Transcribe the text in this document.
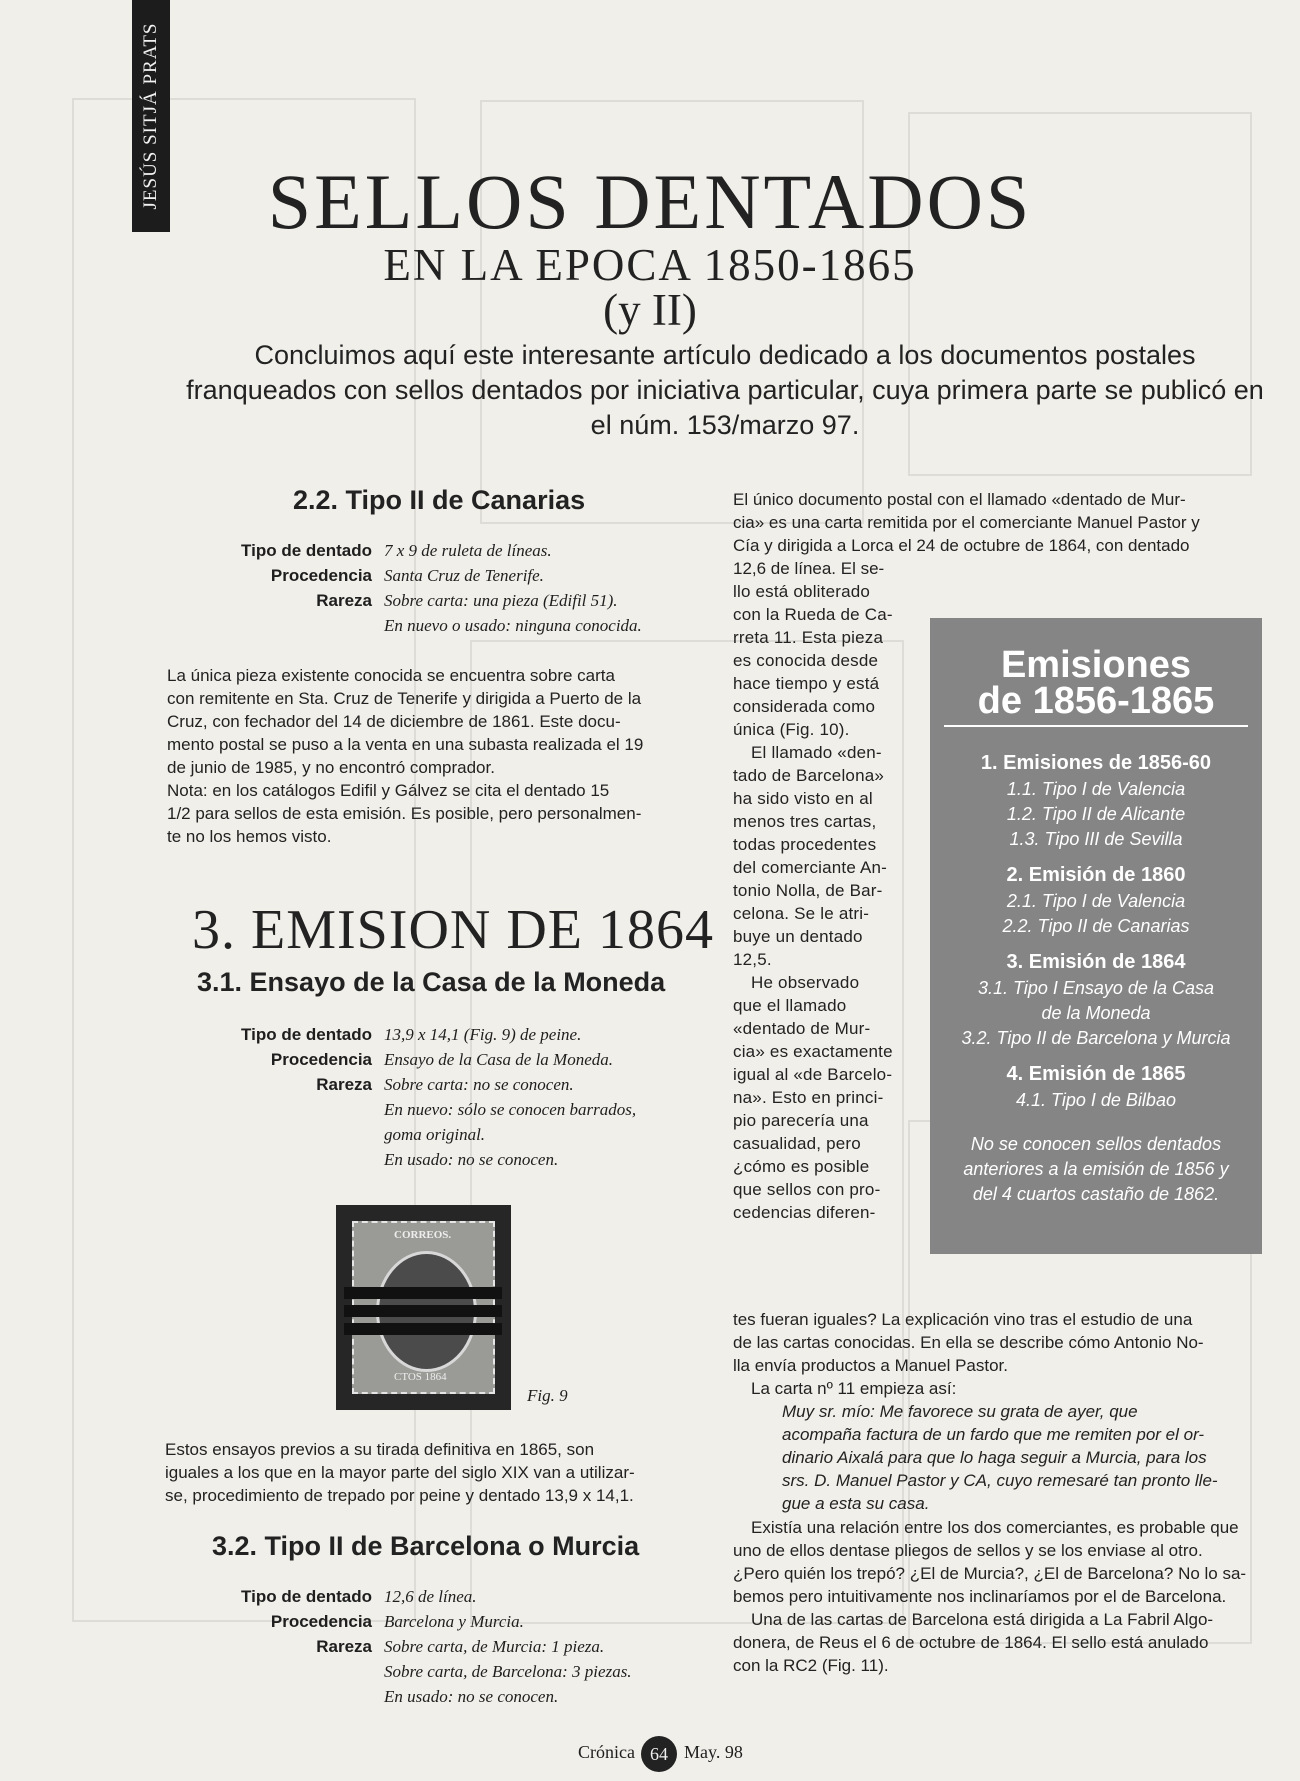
JESÚS SITJÁ PRATS	SELLOS DENTADOS
EN LA EPOCA 1850-1865
(y II)
Concluimos aquí este interesante artículo dedicado a los documentos postales franqueados con sellos dentados por iniciativa particular, cuya primera parte se publicó en el núm. 153/marzo 97.
2.2. Tipo II de Canarias
Tipo de dentado 7 x 9 de ruleta de líneas.
Procedencia Santa Cruz de Tenerife.
Rareza Sobre carta: una pieza (Edifil 51).
En nuevo o usado: ninguna conocida.
La única pieza existente conocida se encuentra sobre carta
con remitente en Sta. Cruz de Tenerife y dirigida a Puerto de la
Cruz, con fechador del 14 de diciembre de 1861. Este docu-
mento postal se puso a la venta en una subasta realizada el 19
de junio de 1985, y no encontró comprador.
Nota: en los catálogos Edifil y Gálvez se cita el dentado 15
1/2 para sellos de esta emisión. Es posible, pero personalmen-
te no los hemos visto.
3. EMISION DE 1864
3.1. Ensayo de la Casa de la Moneda
Tipo de dentado 13,9 x 14,1 (Fig. 9) de peine.
Procedencia Ensayo de la Casa de la Moneda.
Rareza Sobre carta: no se conocen.
En nuevo: sólo se conocen barrados,
goma original.
En usado: no se conocen.
CORREOS.
CTOS 1864
Fig. 9
Estos ensayos previos a su tirada definitiva en 1865, son
iguales a los que en la mayor parte del siglo XIX van a utilizar-
se, procedimiento de trepado por peine y dentado 13,9 x 14,1.
3.2. Tipo II de Barcelona o Murcia
Tipo de dentado 12,6 de línea.
Procedencia Barcelona y Murcia.
Rareza Sobre carta, de Murcia: 1 pieza.
Sobre carta, de Barcelona: 3 piezas.
En usado: no se conocen.
El único documento postal con el llamado «dentado de Mur-
cia» es una carta remitida por el comerciante Manuel Pastor y
Cía y dirigida a Lorca el 24 de octubre de 1864, con dentado
12,6 de línea. El se-
llo está obliterado
con la Rueda de Ca-
rreta 11. Esta pieza
es conocida desde
hace tiempo y está
considerada como
única (Fig. 10).
El llamado «den-
tado de Barcelona»
ha sido visto en al
menos tres cartas,
todas procedentes
del comerciante An-
tonio Nolla, de Bar-
celona. Se le atri-
buye un dentado
12,5.
He observado
que el llamado
«dentado de Mur-
cia» es exactamente
igual al «de Barcelo-
na». Esto en princi-
pio parecería una
casualidad, pero
¿cómo es posible
que sellos con pro-
cedencias diferen-
tes fueran iguales? La explicación vino tras el estudio de una
de las cartas conocidas. En ella se describe cómo Antonio No-
lla envía productos a Manuel Pastor.
La carta nº 11 empieza así:
Muy sr. mío: Me favorece su grata de ayer, que
acompaña factura de un fardo que me remiten por el or-
dinario Aixalá para que lo haga seguir a Murcia, para los
srs. D. Manuel Pastor y CA, cuyo remesaré tan pronto lle-
gue a esta su casa.
Existía una relación entre los dos comerciantes, es probable que
uno de ellos dentase pliegos de sellos y se los enviase al otro.
¿Pero quién los trepó? ¿El de Murcia?, ¿El de Barcelona? No lo sa-
bemos pero intuitivamente nos inclinaríamos por el de Barcelona.
Una de las cartas de Barcelona está dirigida a La Fabril Algo-
donera, de Reus el 6 de octubre de 1864. El sello está anulado
con la RC2 (Fig. 11).
Emisiones
de 1856-1865
1. Emisiones de 1856-60
1.1. Tipo I de Valencia
1.2. Tipo II de Alicante
1.3. Tipo III de Sevilla
2. Emisión de 1860
2.1. Tipo I de Valencia
2.2. Tipo II de Canarias
3. Emisión de 1864
3.1. Tipo I Ensayo de la Casa
de la Moneda
3.2. Tipo II de Barcelona y Murcia
4. Emisión de 1865
4.1. Tipo I de Bilbao
No se conocen sellos dentados
anteriores a la emisión de 1856 y
del 4 cuartos castaño de 1862.
Crónica 64 May. 98
